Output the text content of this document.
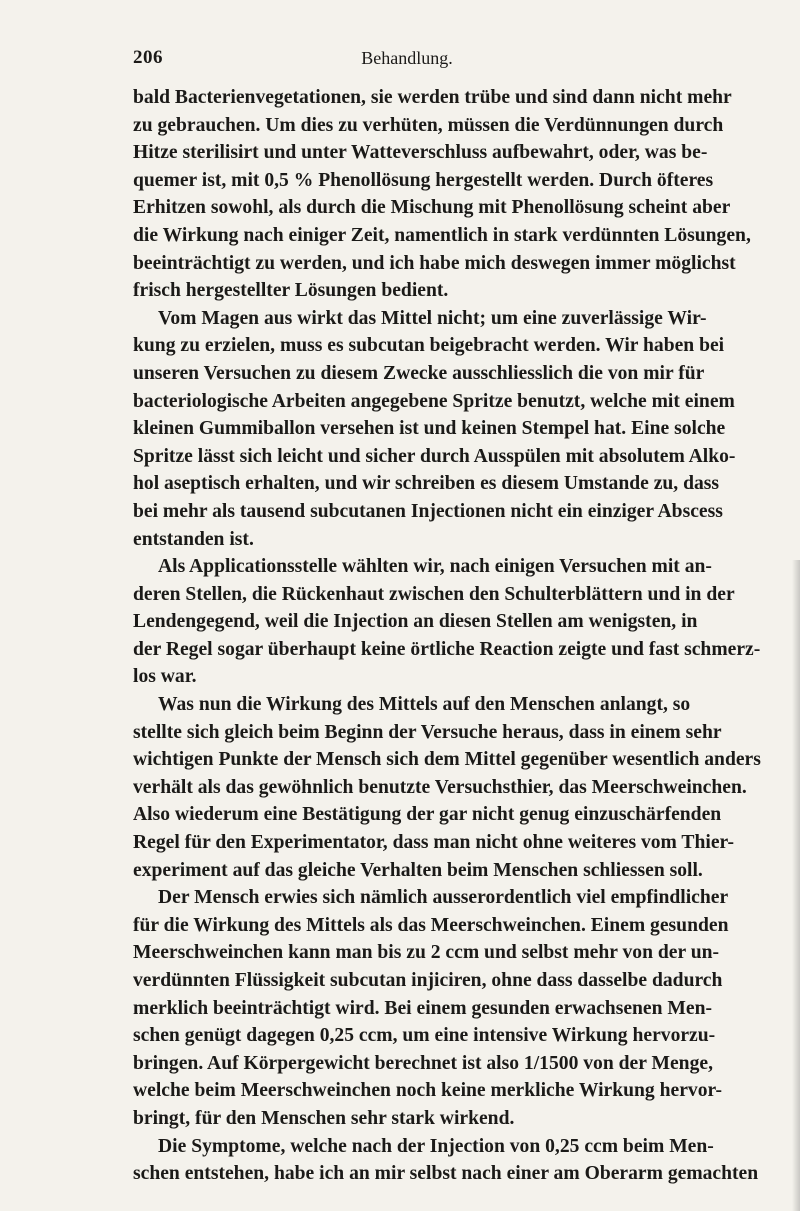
206	Behandlung.
bald Bacterienvegetationen, sie werden trübe und sind dann nicht mehr
zu gebrauchen. Um dies zu verhüten, müssen die Verdünnungen durch
Hitze sterilisirt und unter Watteverschluss aufbewahrt, oder, was be-
quemer ist, mit 0,5 % Phenollösung hergestellt werden. Durch öfteres
Erhitzen sowohl, als durch die Mischung mit Phenollösung scheint aber
die Wirkung nach einiger Zeit, namentlich in stark verdünnten Lösungen,
beeinträchtigt zu werden, und ich habe mich deswegen immer möglichst
frisch hergestellter Lösungen bedient.
Vom Magen aus wirkt das Mittel nicht; um eine zuverlässige Wir-
kung zu erzielen, muss es subcutan beigebracht werden. Wir haben bei
unseren Versuchen zu diesem Zwecke ausschliesslich die von mir für
bacteriologische Arbeiten angegebene Spritze benutzt, welche mit einem
kleinen Gummiballon versehen ist und keinen Stempel hat. Eine solche
Spritze lässt sich leicht und sicher durch Ausspülen mit absolutem Alko-
hol aseptisch erhalten, und wir schreiben es diesem Umstande zu, dass
bei mehr als tausend subcutanen Injectionen nicht ein einziger Abscess
entstanden ist.
Als Applicationsstelle wählten wir, nach einigen Versuchen mit an-
deren Stellen, die Rückenhaut zwischen den Schulterblättern und in der
Lendengegend, weil die Injection an diesen Stellen am wenigsten, in
der Regel sogar überhaupt keine örtliche Reaction zeigte und fast schmerz-
los war.
Was nun die Wirkung des Mittels auf den Menschen anlangt, so
stellte sich gleich beim Beginn der Versuche heraus, dass in einem sehr
wichtigen Punkte der Mensch sich dem Mittel gegenüber wesentlich anders
verhält als das gewöhnlich benutzte Versuchsthier, das Meerschweinchen.
Also wiederum eine Bestätigung der gar nicht genug einzuschärfenden
Regel für den Experimentator, dass man nicht ohne weiteres vom Thier-
experiment auf das gleiche Verhalten beim Menschen schliessen soll.
Der Mensch erwies sich nämlich ausserordentlich viel empfindlicher
für die Wirkung des Mittels als das Meerschweinchen. Einem gesunden
Meerschweinchen kann man bis zu 2 ccm und selbst mehr von der un-
verdünnten Flüssigkeit subcutan injiciren, ohne dass dasselbe dadurch
merklich beeinträchtigt wird. Bei einem gesunden erwachsenen Men-
schen genügt dagegen 0,25 ccm, um eine intensive Wirkung hervorzu-
bringen. Auf Körpergewicht berechnet ist also 1/1500 von der Menge,
welche beim Meerschweinchen noch keine merkliche Wirkung hervor-
bringt, für den Menschen sehr stark wirkend.
Die Symptome, welche nach der Injection von 0,25 ccm beim Men-
schen entstehen, habe ich an mir selbst nach einer am Oberarm gemachten
